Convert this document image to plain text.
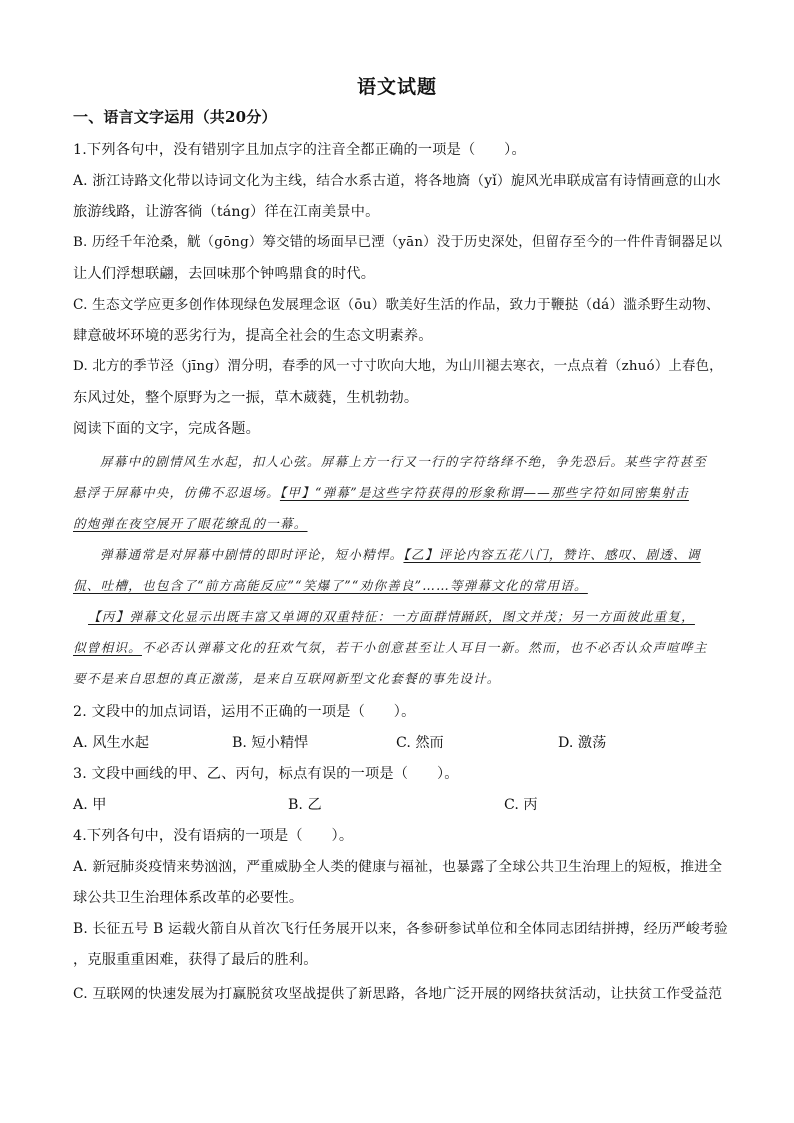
语文试题
一、语言文字运用（共20分）
1.下列各句中，没有错别字且加点字的注音全都正确的一项是（　　）。
A. 浙江诗路文化带以诗词文化为主线，结合水系古道，将各地旖（yǐ）旎风光串联成富有诗情画意的山水
旅游线路，让游客徜（táng）徉在江南美景中。
B. 历经千年沧桑，觥（gōng）筹交错的场面早已湮（yān）没于历史深处，但留存至今的一件件青铜器足以
让人们浮想联翩，去回味那个钟鸣鼎食的时代。
C. 生态文学应更多创作体现绿色发展理念讴（ōu）歌美好生活的作品，致力于鞭挞（dá）滥杀野生动物、
肆意破坏环境的恶劣行为，提高全社会的生态文明素养。
D. 北方的季节泾（jīng）渭分明，春季的风一寸寸吹向大地，为山川褪去寒衣，一点点着（zhuó）上春色，
东风过处，整个原野为之一振，草木葳蕤，生机勃勃。
阅读下面的文字，完成各题。
屏幕中的剧情风生水起，扣人心弦。屏幕上方一行又一行的字符络绎不绝，争先恐后。某些字符甚至
悬浮于屏幕中央，仿佛不忍退场。【甲】“弹幕”是这些字符获得的形象称谓——那些字符如同密集射击
的炮弹在夜空展开了眼花缭乱的一幕。
弹幕通常是对屏幕中剧情的即时评论，短小精悍。【乙】评论内容五花八门，赞许、感叹、剧透、调
侃、吐槽，也包含了“前方高能反应”“笑爆了”“劝你善良”……等弹幕文化的常用语。
【丙】弹幕文化显示出既丰富又单调的双重特征：一方面群情踊跃，图文并茂；另一方面彼此重复，
似曾相识。不必否认弹幕文化的狂欢气氛，若干小创意甚至让人耳目一新。然而，也不必否认众声喧哗主
要不是来自思想的真正激荡，是来自互联网新型文化套餐的事先设计。
2. 文段中的加点词语，运用不正确的一项是（　　）。
A. 风生水起	B. 短小精悍	C. 然而	D. 激荡
3. 文段中画线的甲、乙、丙句，标点有误的一项是（　　）。
A. 甲	B. 乙	C. 丙
4.下列各句中，没有语病的一项是（　　）。
A. 新冠肺炎疫情来势汹汹，严重威胁全人类的健康与福祉，也暴露了全球公共卫生治理上的短板，推进全
球公共卫生治理体系改革的必要性。
B. 长征五号 B 运载火箭自从首次飞行任务展开以来，各参研参试单位和全体同志团结拼搏，经历严峻考验
，克服重重困难，获得了最后的胜利。
C. 互联网的快速发展为打赢脱贫攻坚战提供了新思路，各地广泛开展的网络扶贫活动，让扶贫工作受益范
